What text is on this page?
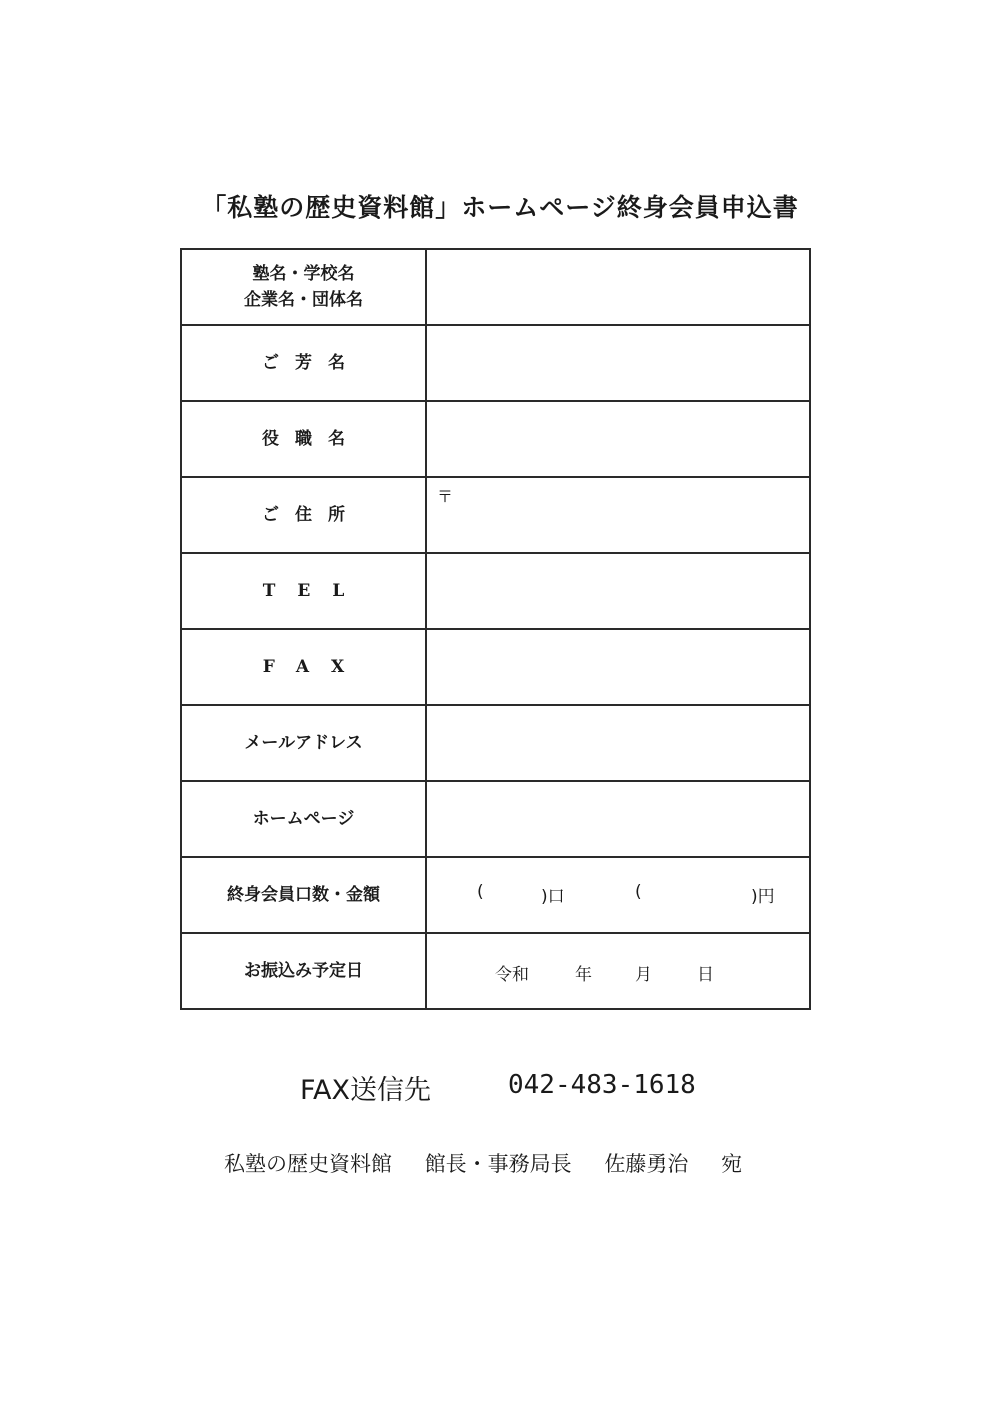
「私塾の歴史資料館」ホームページ終身会員申込書
塾名・学校名
企業名・団体名	

ご芳名	
役職名	
ご住所	〒

TEL	
FAX	
メールアドレス	
ホームページ	
終身会員口数・金額	( )口 ( )円

お振込み予定日	令和 年 月 日
FAX送信先	042-483-1618
私塾の歴史資料館 館長・事務局長 佐藤勇治 宛
